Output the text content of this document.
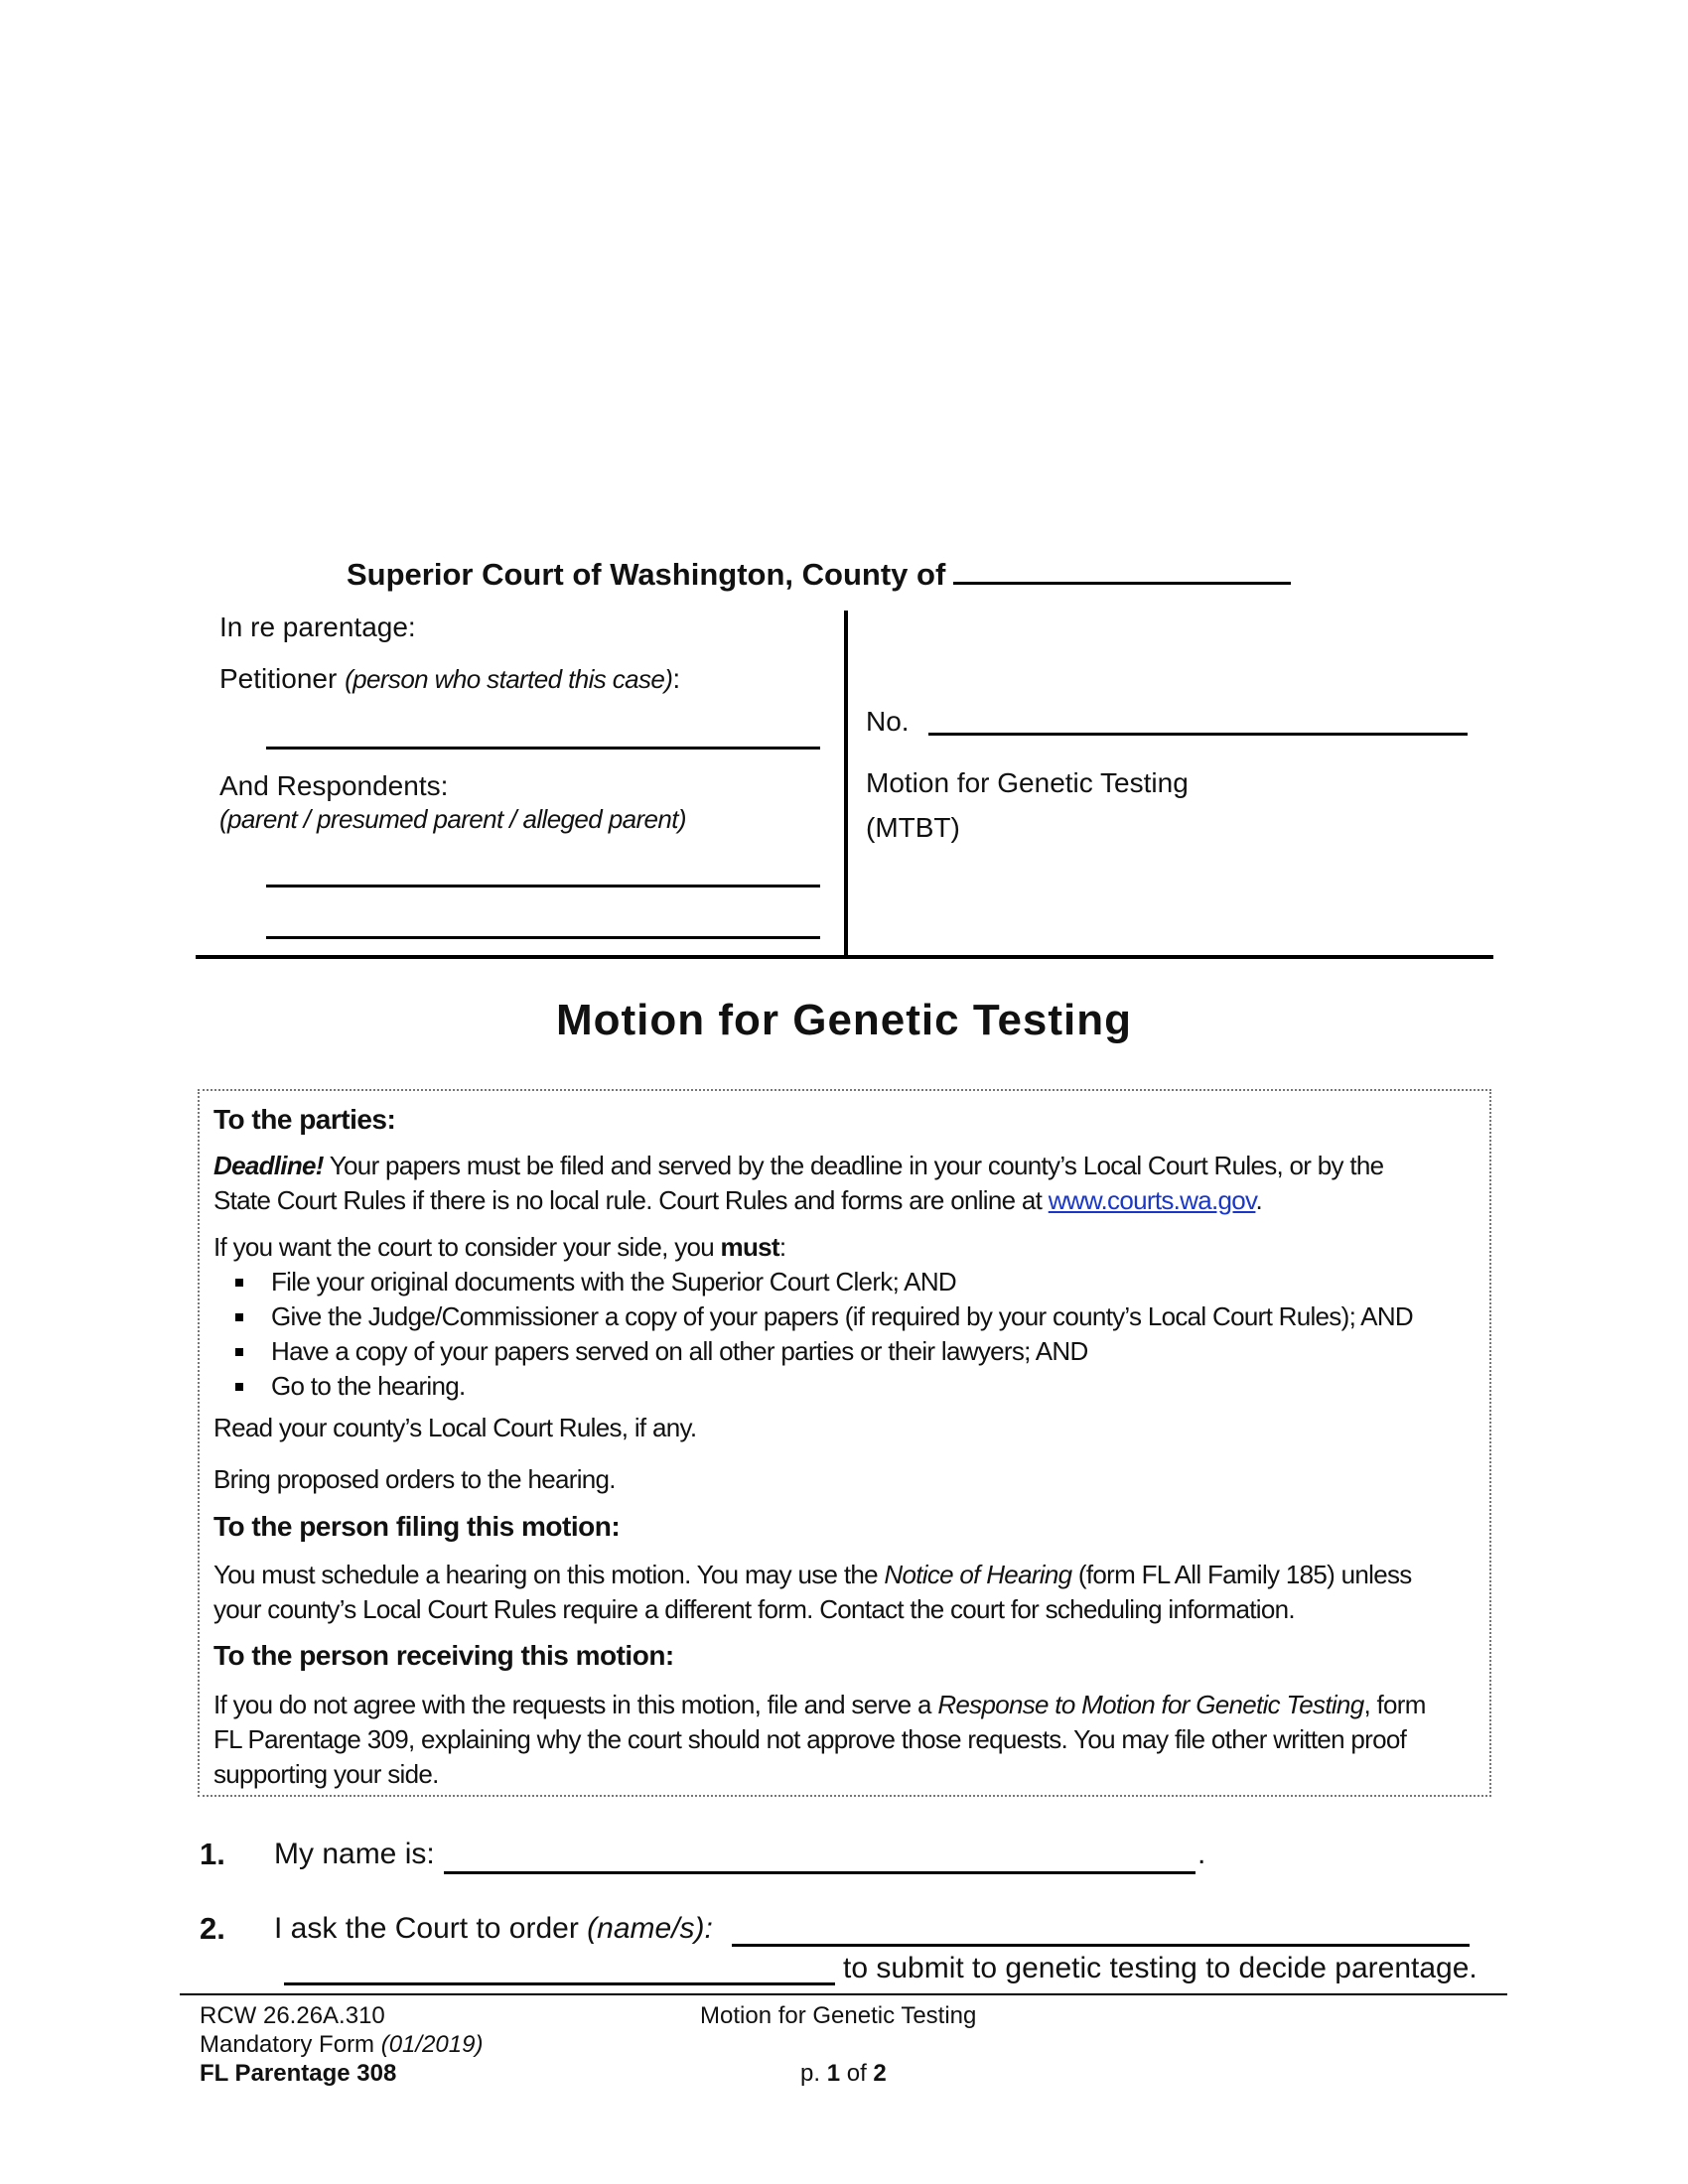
Superior Court of Washington, County of
In re parentage:
Petitioner (person who started this case):
And Respondents:
(parent / presumed parent / alleged parent)
No.
Motion for Genetic Testing
(MTBT)
Motion for Genetic Testing
To the parties:
Deadline! Your papers must be filed and served by the deadline in your county’s Local Court Rules, or by the
State Court Rules if there is no local rule. Court Rules and forms are online at www.courts.wa.gov.
If you want the court to consider your side, you must:
File your original documents with the Superior Court Clerk; AND
Give the Judge/Commissioner a copy of your papers (if required by your county’s Local Court Rules); AND
Have a copy of your papers served on all other parties or their lawyers; AND
Go to the hearing.
Read your county’s Local Court Rules, if any.
Bring proposed orders to the hearing.
To the person filing this motion:
You must schedule a hearing on this motion. You may use the Notice of Hearing (form FL All Family 185) unless
your county’s Local Court Rules require a different form. Contact the court for scheduling information.
To the person receiving this motion:
If you do not agree with the requests in this motion, file and serve a Response to Motion for Genetic Testing, form
FL Parentage 309, explaining why the court should not approve those requests. You may file other written proof
supporting your side.
1. My name is:	.
2. I ask the Court to order (name/s):
to submit to genetic testing to decide parentage.
RCW 26.26A.310
Mandatory Form (01/2019)
FL Parentage 308
Motion for Genetic Testing
p. 1 of 2
